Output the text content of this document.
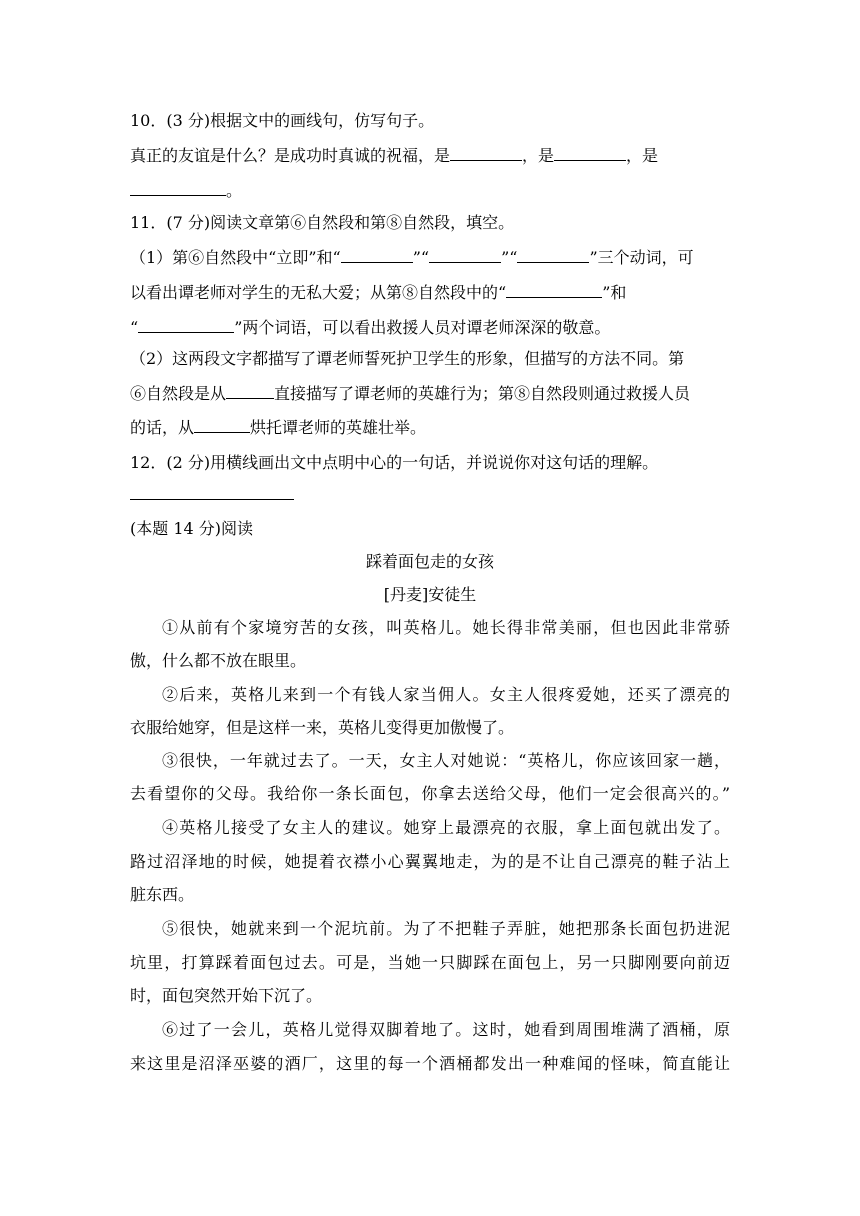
10．(3 分)根据文中的画线句，仿写句子。
真正的友谊是什么？是成功时真诚的祝福，是	，是	，是
。
11．(7 分)阅读文章第⑥自然段和第⑧自然段，填空。
（1）第⑥自然段中“立即”和“	”“	”“	”三个动词，可
以看出谭老师对学生的无私大爱；从第⑧自然段中的“	”和
“	”两个词语，可以看出救援人员对谭老师深深的敬意。
（2）这两段文字都描写了谭老师誓死护卫学生的形象，但描写的方法不同。第
⑥自然段是从	直接描写了谭老师的英雄行为；第⑧自然段则通过救援人员
的话，从	烘托谭老师的英雄壮举。
12．(2 分)用横线画出文中点明中心的一句话，并说说你对这句话的理解。
(本题 14 分)阅读
踩着面包走的女孩
[丹麦]安徒生
①从前有个家境穷苦的女孩，叫英格儿。她长得非常美丽，但也因此非常骄
傲，什么都不放在眼里。
②后来，英格儿来到一个有钱人家当佣人。女主人很疼爱她，还买了漂亮的
衣服给她穿，但是这样一来，英格儿变得更加傲慢了。
③很快，一年就过去了。一天，女主人对她说：“英格儿，你应该回家一趟，
去看望你的父母。我给你一条长面包，你拿去送给父母，他们一定会很高兴的。”
④英格儿接受了女主人的建议。她穿上最漂亮的衣服，拿上面包就出发了。
路过沼泽地的时候，她提着衣襟小心翼翼地走，为的是不让自己漂亮的鞋子沾上
脏东西。
⑤很快，她就来到一个泥坑前。为了不把鞋子弄脏，她把那条长面包扔进泥
坑里，打算踩着面包过去。可是，当她一只脚踩在面包上，另一只脚刚要向前迈
时，面包突然开始下沉了。
⑥过了一会儿，英格儿觉得双脚着地了。这时，她看到周围堆满了酒桶，原
来这里是沼泽巫婆的酒厂，这里的每一个酒桶都发出一种难闻的怪味，简直能让
